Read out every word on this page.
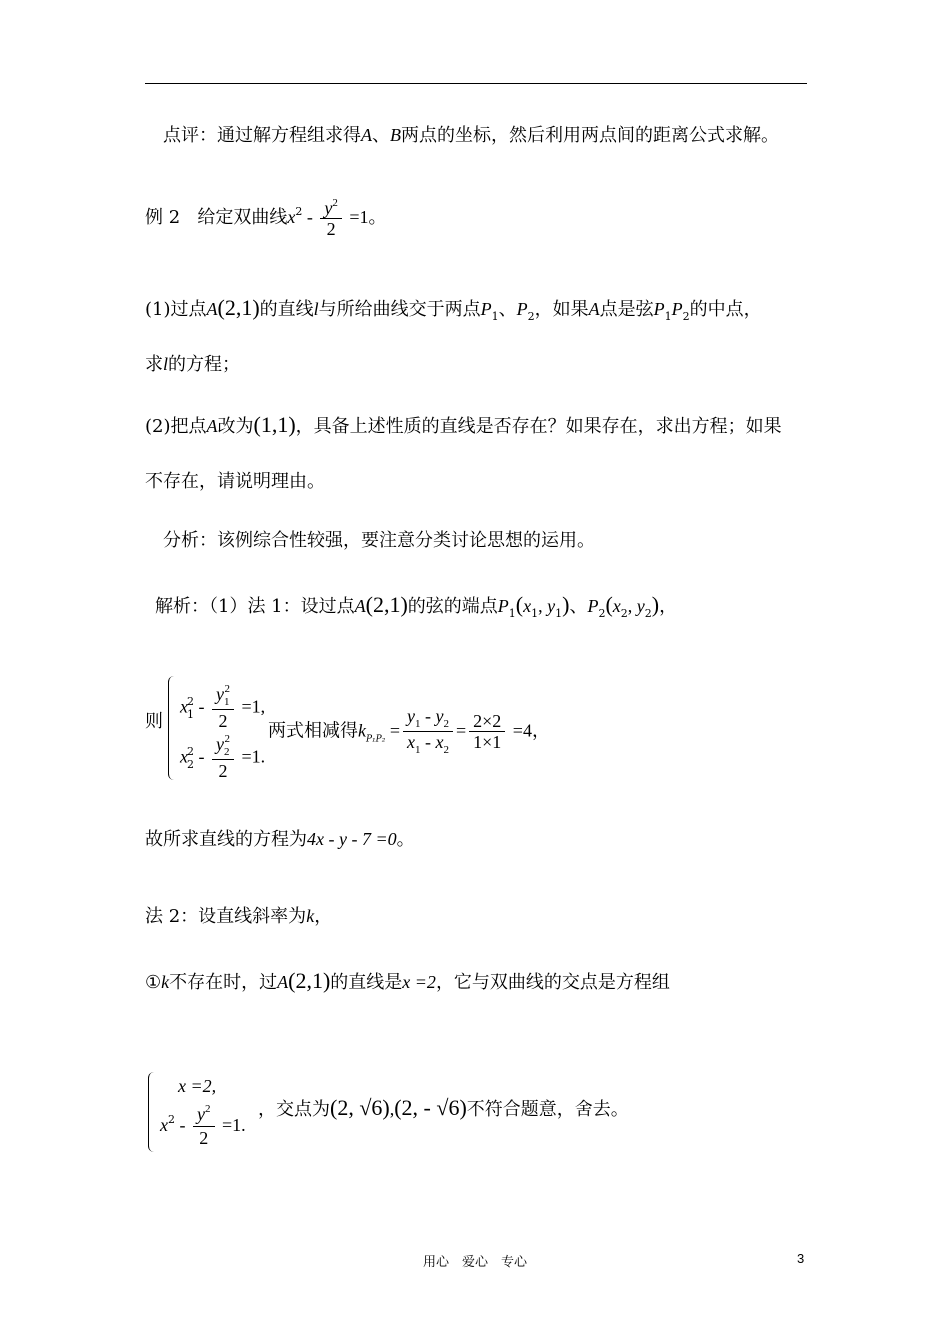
点评：通过解方程组求得A、B两点的坐标，然后利用两点间的距离公式求解。
例 2 给定双曲线$x^2 - \frac{y^2}{2} =1$。
(1)过点A(2,1)的直线l与所给曲线交于两点$P_1$、$P_2$，如果A点是弦$P_1P_2$的中点，
求l的方程；
(2)把点A改为(1,1)，具备上述性质的直线是否存在？如果存在，求出方程；如果
不存在，请说明理由。
分析：该例综合性较强，要注意分类讨论思想的运用。
解析：（1）法 1：设过点A(2,1)的弦的端点$P_1(x_1$, $y_1$)、$P_2(x_2$, $y_2$)，
则
$x^2_1 - \frac{y_1^2}{2} =1$,
$x^2_2 - \frac{y_2^2}{2} =1$.
两式相减得$k_{P_1P_2} = \frac{y_1 - y_2}{x_1 - x_2} = \frac{2\times 2}{1\times 1} =4$，
故所求直线的方程为4x - y - 7 =0。
法 2：设直线斜率为k，
①k不存在时，过A(2,1)的直线是x =2，它与双曲线的交点是方程组
x =2,
$x^2 - \frac{y^2}{2} =1$.
，交点为(2, √6),(2, - √6)不符合题意，舍去。
用心　爱心　专心	3
